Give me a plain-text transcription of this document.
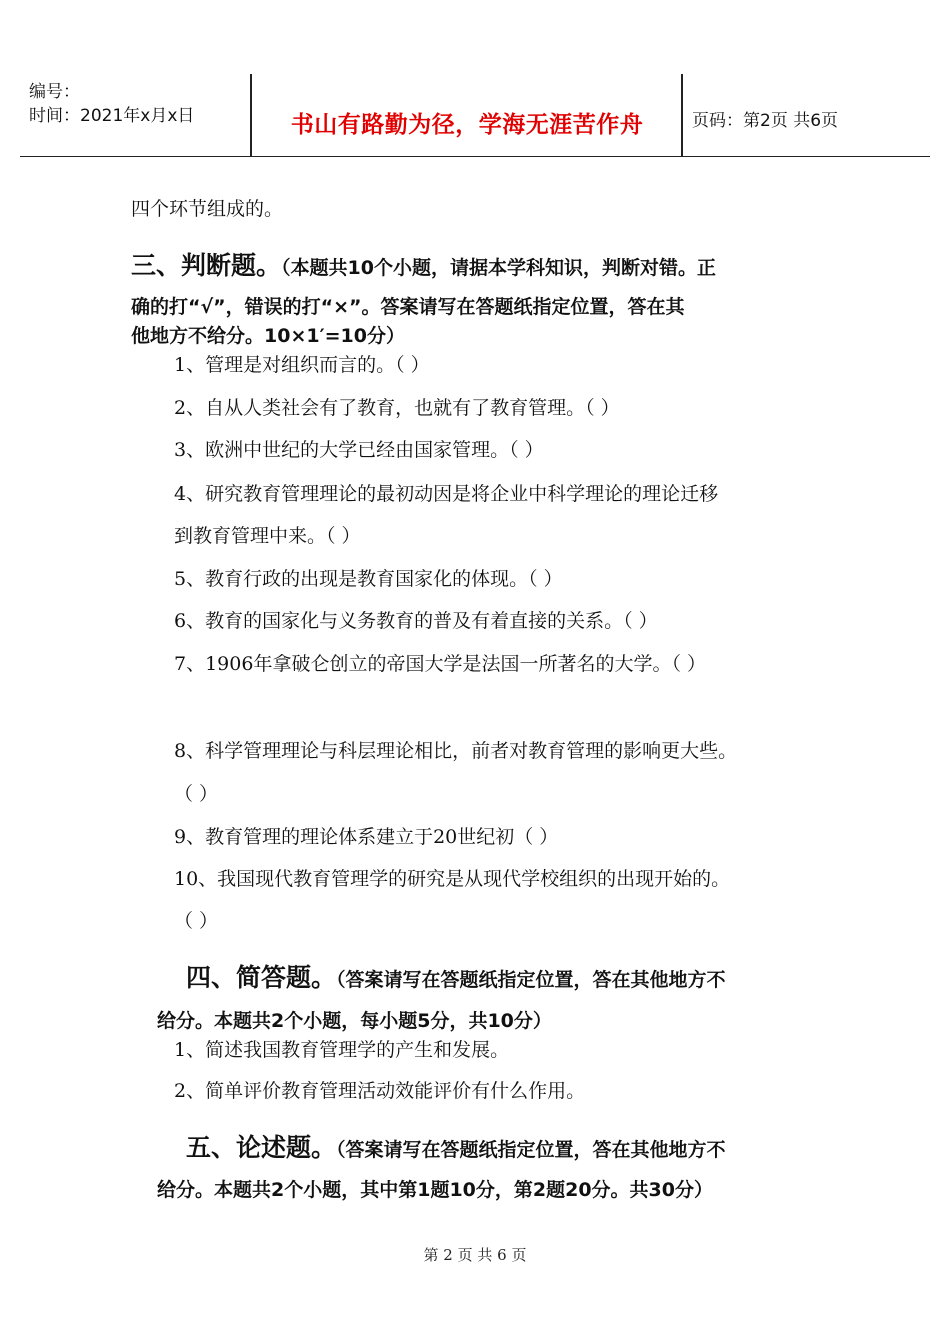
编号：
时间：2021年x月x日	书山有路勤为径，学海无涯苦作舟	页码：第2页 共6页
四个环节组成的。
三、判断题。（本题共10个小题，请据本学科知识，判断对错。正
确的打“√”，错误的打“×”。答案请写在答题纸指定位置，答在其
他地方不给分。10×1′=10分）
1、管理是对组织而言的。（ ）
2、自从人类社会有了教育，也就有了教育管理。（ ）
3、欧洲中世纪的大学已经由国家管理。（ ）
4、研究教育管理理论的最初动因是将企业中科学理论的理论迁移
到教育管理中来。（ ）
5、教育行政的出现是教育国家化的体现。（ ）
6、教育的国家化与义务教育的普及有着直接的关系。（ ）
7、1906年拿破仑创立的帝国大学是法国一所著名的大学。（ ）
8、科学管理理论与科层理论相比，前者对教育管理的影响更大些。
（ ）
9、教育管理的理论体系建立于20世纪初（ ）
10、我国现代教育管理学的研究是从现代学校组织的出现开始的。
（ ）
四、简答题。（答案请写在答题纸指定位置，答在其他地方不
给分。本题共2个小题，每小题5分，共10分）
1、简述我国教育管理学的产生和发展。
2、简单评价教育管理活动效能评价有什么作用。
五、论述题。（答案请写在答题纸指定位置，答在其他地方不
给分。本题共2个小题，其中第1题10分，第2题20分。共30分）
第 2 页 共 6 页
